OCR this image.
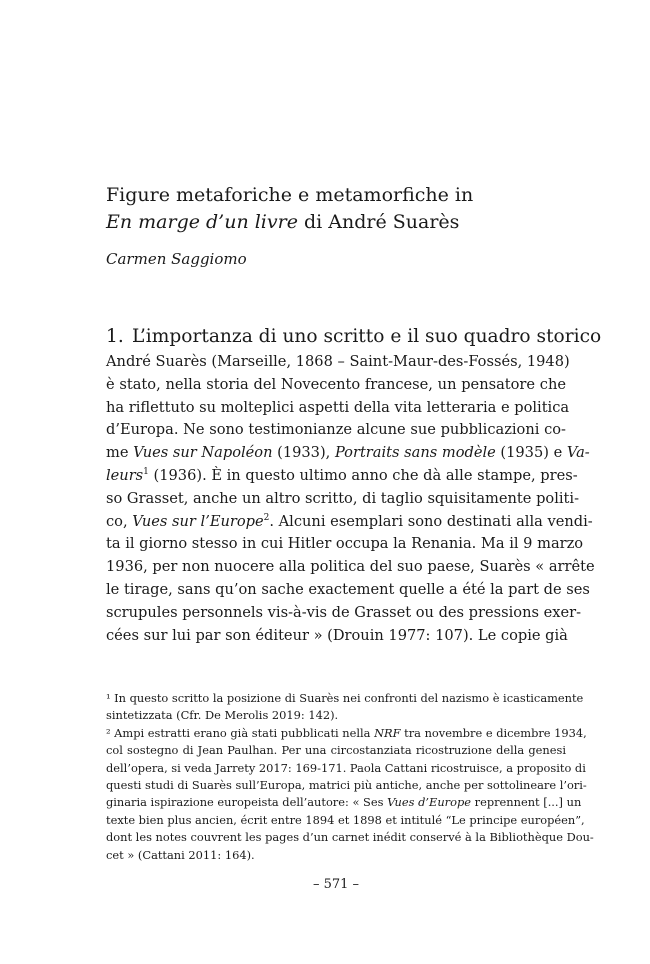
Figure metaforiche e metamorfiche in
En marge d’un livre di André Suarès
Carmen Saggiomo
1. L’importanza di uno scritto e il suo quadro storico
André Suarès (Marseille, 1868 – Saint-Maur-des-Fossés, 1948)
è stato, nella storia del Novecento francese, un pensatore che
ha riflettuto su molteplici aspetti della vita letteraria e politica
d’Europa. Ne sono testimonianze alcune sue pubblicazioni co-
me Vues sur Napoléon (1933), Portraits sans modèle (1935) e Va-
leurs$^1$ (1936). È in questo ultimo anno che dà alle stampe, pres-
so Grasset, anche un altro scritto, di taglio squisitamente politi-
co, Vues sur l’Europe$^2$. Alcuni esemplari sono destinati alla vendi-
ta il giorno stesso in cui Hitler occupa la Renania. Ma il 9 marzo
1936, per non nuocere alla politica del suo paese, Suarès « arrête
le tirage, sans qu’on sache exactement quelle a été la part de ses
scrupules personnels vis-à-vis de Grasset ou des pressions exer-
cées sur lui par son éditeur » (Drouin 1977: 107). Le copie già
¹ In questo scritto la posizione di Suarès nei confronti del nazismo è icasticamente
sintetizzata (Cfr. De Merolis 2019: 142).
² Ampi estratti erano già stati pubblicati nella NRF tra novembre e dicembre 1934,
col sostegno di Jean Paulhan. Per una circostanziata ricostruzione della genesi
dell’opera, si veda Jarrety 2017: 169-171. Paola Cattani ricostruisce, a proposito di
questi studi di Suarès sull’Europa, matrici più antiche, anche per sottolineare l’ori-
ginaria ispirazione europeista dell’autore: « Ses Vues d’Europe reprennent [...] un
texte bien plus ancien, écrit entre 1894 et 1898 et intitulé “Le principe européen”,
dont les notes couvrent les pages d’un carnet inédit conservé à la Bibliothèque Dou-
cet » (Cattani 2011: 164).
– 571 –
